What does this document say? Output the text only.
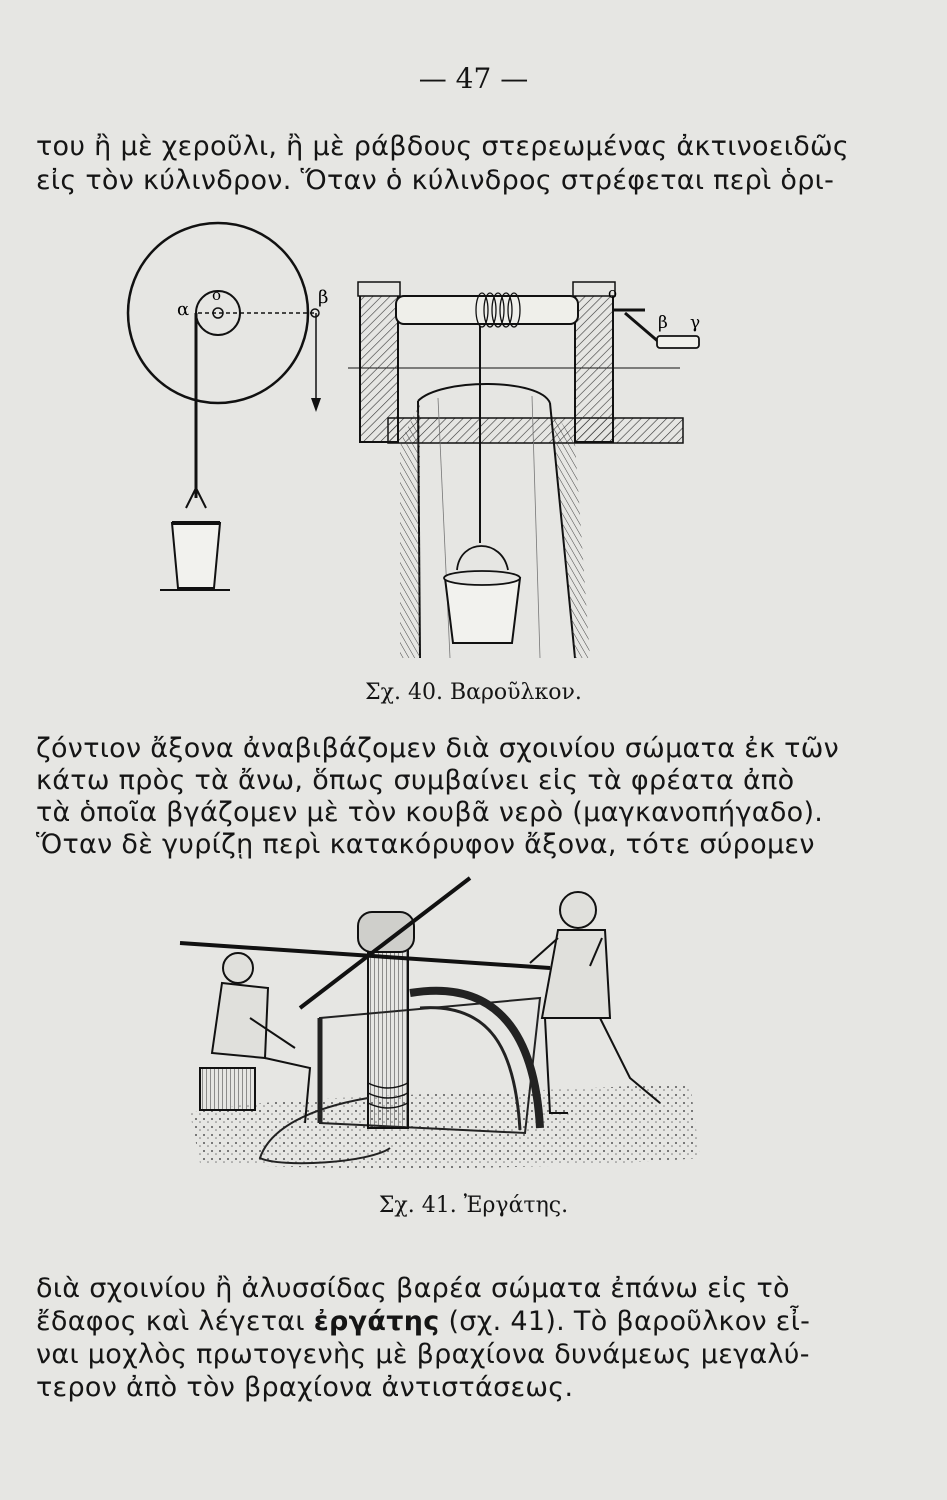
— 47 —
του ἢ μὲ χεροῦλι, ἢ μὲ ράβδους στερεωμένας ἀκτινοειδῶς
εἰς τὸν κύλινδρον. Ὅταν ὁ κύλινδρος στρέφεται περὶ ὁρι-
α
ο	β	ο
β γ
Σχ. 40. Βαροῦλκον.
ζόντιον ἄξονα ἀναβιβάζομεν διὰ σχοινίου σώματα ἐκ τῶν
κάτω πρὸς τὰ ἄνω, ὅπως συμβαίνει εἰς τὰ φρέατα ἀπὸ
τὰ ὁποῖα βγάζομεν μὲ τὸν κουβᾶ νερὸ (μαγκανοπήγαδο).
Ὅταν δὲ γυρίζῃ περὶ κατακόρυφον ἄξονα, τότε σύρομεν
Σχ. 41. Ἐργάτης.
διὰ σχοινίου ἢ ἀλυσσίδας βαρέα σώματα ἐπάνω εἰς τὸ
ἔδαφος καὶ λέγεται ἐργάτης (σχ. 41). Τὸ βαροῦλκον εἶ-
ναι μοχλὸς πρωτογενὴς μὲ βραχίονα δυνάμεως μεγαλύ-
τερον ἀπὸ τὸν βραχίονα ἀντιστάσεως.
